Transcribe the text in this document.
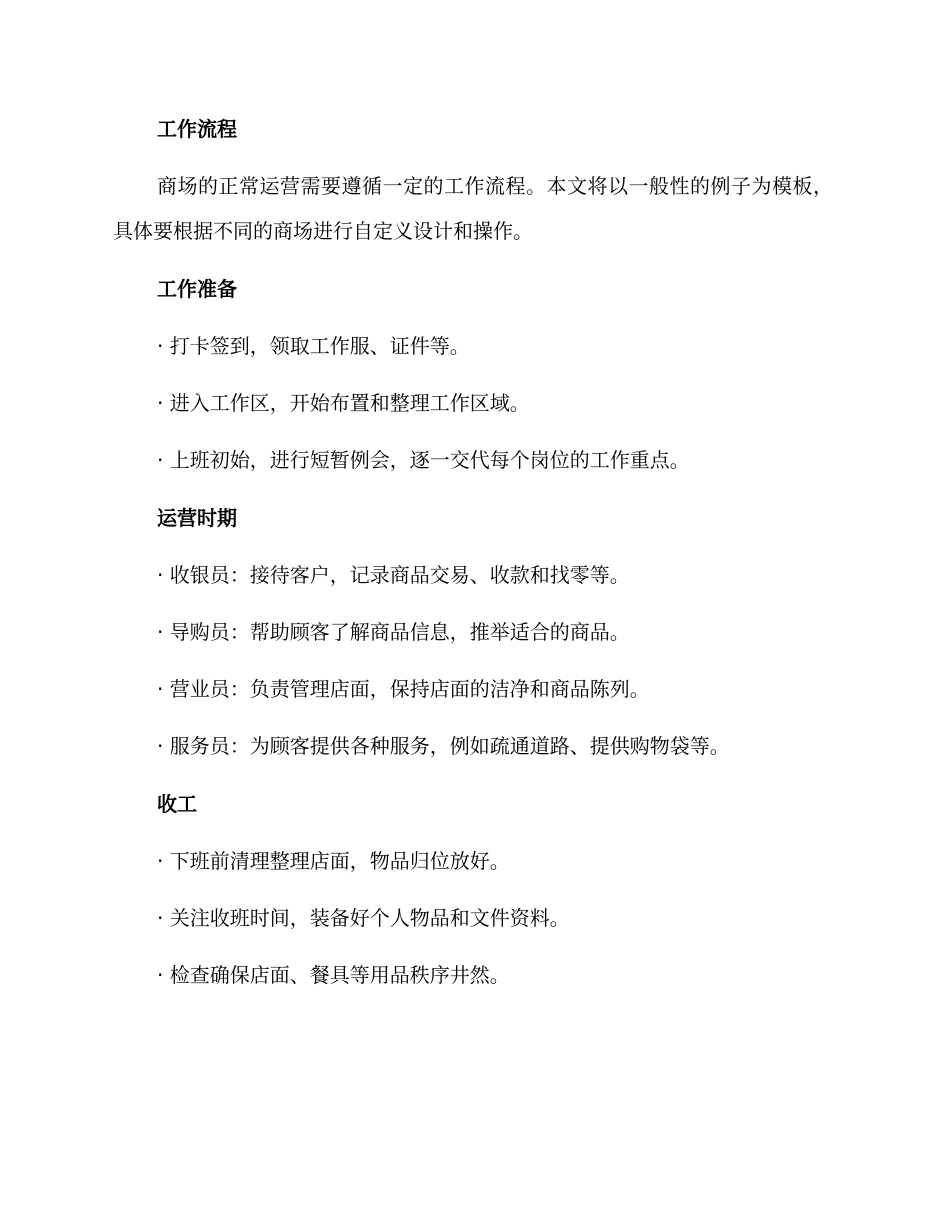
工作流程
商场的正常运营需要遵循一定的工作流程。本文将以一般性的例子为模板，具体要根据不同的商场进行自定义设计和操作。
工作准备
· 打卡签到，领取工作服、证件等。
· 进入工作区，开始布置和整理工作区域。
· 上班初始，进行短暂例会，逐一交代每个岗位的工作重点。
运营时期
· 收银员：接待客户，记录商品交易、收款和找零等。
· 导购员：帮助顾客了解商品信息，推举适合的商品。
· 营业员：负责管理店面，保持店面的洁净和商品陈列。
· 服务员：为顾客提供各种服务，例如疏通道路、提供购物袋等。
收工
· 下班前清理整理店面，物品归位放好。
· 关注收班时间，装备好个人物品和文件资料。
· 检查确保店面、餐具等用品秩序井然。
